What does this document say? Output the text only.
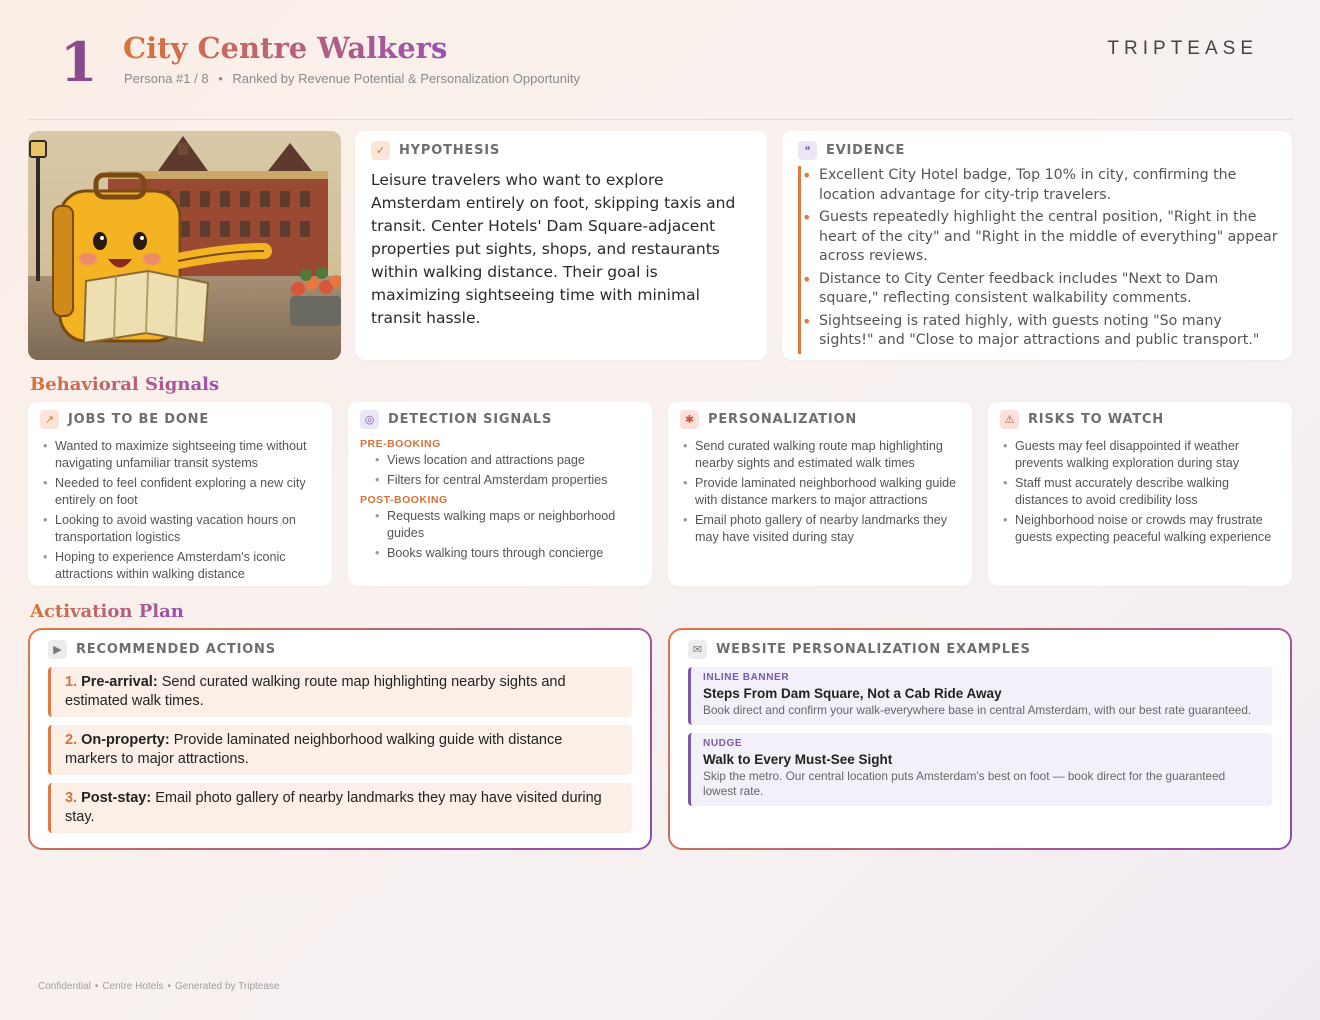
1 City Centre Walkers
Persona #1 / 8 • Ranked by Revenue Potential & Personalization Opportunity
TRIPTEASE
✓	HYPOTHESIS
Leisure travelers who want to explore Amsterdam entirely on foot, skipping taxis and transit. Center Hotels' Dam Square-adjacent properties put sights, shops, and restaurants within walking distance. Their goal is maximizing sightseeing time with minimal transit hassle.
❝	EVIDENCE
• Excellent City Hotel badge, Top 10% in city, confirming the location advantage for city-trip travelers.
• Guests repeatedly highlight the central position, "Right in the heart of the city" and "Right in the middle of everything" appear across reviews.
• Distance to City Center feedback includes "Next to Dam square," reflecting consistent walkability comments.
• Sightseeing is rated highly, with guests noting "So many sights!" and "Close to major attractions and public transport."
Behavioral Signals
↗	JOBS TO BE DONE
• Wanted to maximize sightseeing time without navigating unfamiliar transit systems
• Needed to feel confident exploring a new city entirely on foot
• Looking to avoid wasting vacation hours on transportation logistics
• Hoping to experience Amsterdam's iconic attractions within walking distance
◎	DETECTION SIGNALS
PRE-BOOKING
• Views location and attractions page
• Filters for central Amsterdam properties
POST-BOOKING
• Requests walking maps or neighborhood guides
• Books walking tours through concierge
✱	PERSONALIZATION
• Send curated walking route map highlighting nearby sights and estimated walk times
• Provide laminated neighborhood walking guide with distance markers to major attractions
• Email photo gallery of nearby landmarks they may have visited during stay
⚠	RISKS TO WATCH
• Guests may feel disappointed if weather prevents walking exploration during stay
• Staff must accurately describe walking distances to avoid credibility loss
• Neighborhood noise or crowds may frustrate guests expecting peaceful walking experience
Activation Plan
▶	RECOMMENDED ACTIONS
1. Pre-arrival: Send curated walking route map highlighting nearby sights and estimated walk times.
2. On-property: Provide laminated neighborhood walking guide with distance markers to major attractions.
3. Post-stay: Email photo gallery of nearby landmarks they may have visited during stay.
✉	WEBSITE PERSONALIZATION EXAMPLES
INLINE BANNER
Steps From Dam Square, Not a Cab Ride Away
Book direct and confirm your walk-everywhere base in central Amsterdam, with our best rate guaranteed.
NUDGE
Walk to Every Must-See Sight
Skip the metro. Our central location puts Amsterdam's best on foot — book direct for the guaranteed lowest rate.
Confidential • Centre Hotels • Generated by Triptease
